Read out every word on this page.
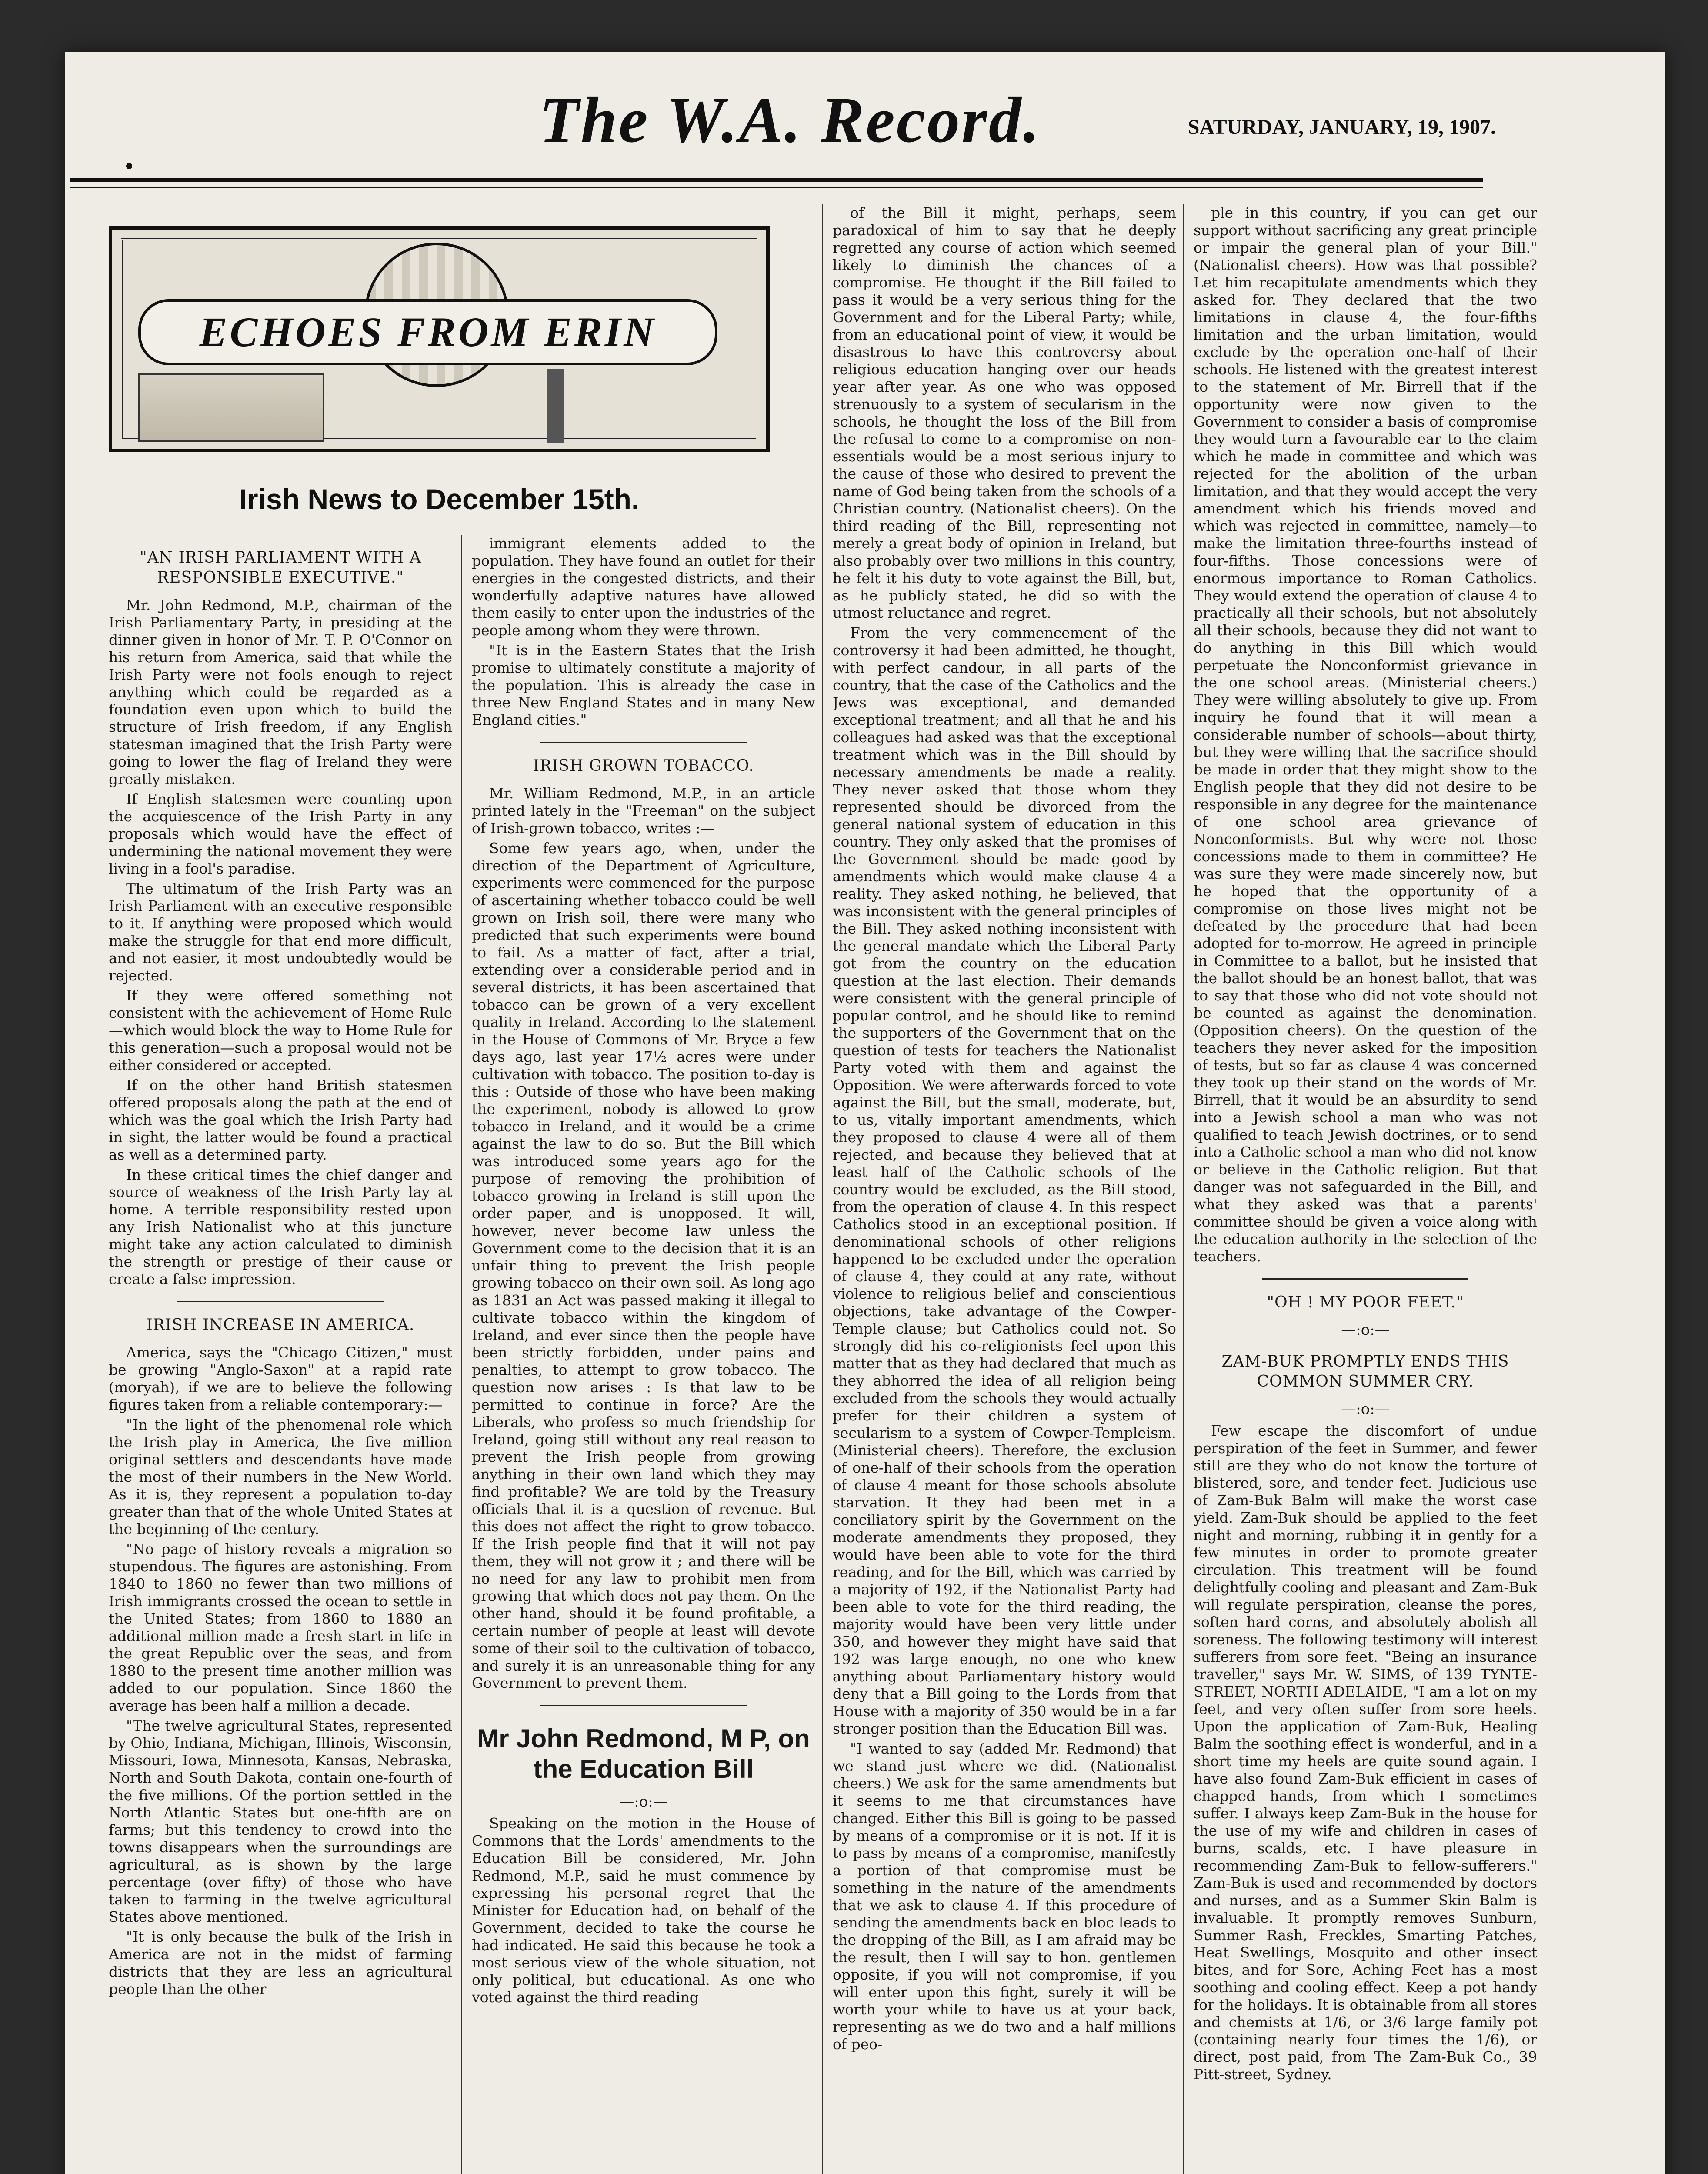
The W.A. Record.	SATURDAY, JANUARY, 19, 1907.
ECHOES FROM ERIN
Irish News to December 15th.
"AN IRISH PARLIAMENT WITH A RESPONSIBLE EXECUTIVE."

Mr. John Redmond, M.P., chairman of the Irish Parliamentary Party, in presiding at the dinner given in honor of Mr. T. P. O'Connor on his return from America, said that while the Irish Party were not fools enough to reject anything which could be regarded as a foundation even upon which to build the structure of Irish freedom, if any English statesman imagined that the Irish Party were going to lower the flag of Ireland they were greatly mistaken.

If English statesmen were counting upon the acquiescence of the Irish Party in any proposals which would have the effect of undermining the national movement they were living in a fool's paradise.

The ultimatum of the Irish Party was an Irish Parliament with an executive responsible to it. If anything were proposed which would make the struggle for that end more difficult, and not easier, it most undoubtedly would be rejected.

If they were offered something not consistent with the achievement of Home Rule—which would block the way to Home Rule for this generation—such a proposal would not be either considered or accepted.

If on the other hand British statesmen offered proposals along the path at the end of which was the goal which the Irish Party had in sight, the latter would be found a practical as well as a determined party.

In these critical times the chief danger and source of weakness of the Irish Party lay at home. A terrible responsibility rested upon any Irish Nationalist who at this juncture might take any action calculated to diminish the strength or prestige of their cause or create a false impression.

IRISH INCREASE IN AMERICA.

America, says the "Chicago Citizen," must be growing "Anglo-Saxon" at a rapid rate (moryah), if we are to believe the following figures taken from a reliable contemporary:—

"In the light of the phenomenal role which the Irish play in America, the five million original settlers and descendants have made the most of their numbers in the New World. As it is, they represent a population to-day greater than that of the whole United States at the beginning of the century.

"No page of history reveals a migration so stupendous. The figures are astonishing. From 1840 to 1860 no fewer than two millions of Irish immigrants crossed the ocean to settle in the United States; from 1860 to 1880 an additional million made a fresh start in life in the great Republic over the seas, and from 1880 to the present time another million was added to our population. Since 1860 the average has been half a million a decade.

"The twelve agricultural States, represented by Ohio, Indiana, Michigan, Illinois, Wisconsin, Missouri, Iowa, Minnesota, Kansas, Nebraska, North and South Dakota, contain one-fourth of the five millions. Of the portion settled in the North Atlantic States but one-fifth are on farms; but this tendency to crowd into the towns disappears when the surroundings are agricultural, as is shown by the large percentage (over fifty) of those who have taken to farming in the twelve agricultural States above mentioned.

"It is only because the bulk of the Irish in America are not in the midst of farming districts that they are less an agricultural people than the other

immigrant elements added to the population. They have found an outlet for their energies in the congested districts, and their wonderfully adaptive natures have allowed them easily to enter upon the industries of the people among whom they were thrown.

"It is in the Eastern States that the Irish promise to ultimately constitute a majority of the population. This is already the case in three New England States and in many New England cities."

IRISH GROWN TOBACCO.

Mr. William Redmond, M.P., in an article printed lately in the "Freeman" on the subject of Irish-grown tobacco, writes :—

Some few years ago, when, under the direction of the Department of Agriculture, experiments were commenced for the purpose of ascertaining whether tobacco could be well grown on Irish soil, there were many who predicted that such experiments were bound to fail. As a matter of fact, after a trial, extending over a considerable period and in several districts, it has been ascertained that tobacco can be grown of a very excellent quality in Ireland. According to the statement in the House of Commons of Mr. Bryce a few days ago, last year 17½ acres were under cultivation with tobacco. The position to-day is this : Outside of those who have been making the experiment, nobody is allowed to grow tobacco in Ireland, and it would be a crime against the law to do so. But the Bill which was introduced some years ago for the purpose of removing the prohibition of tobacco growing in Ireland is still upon the order paper, and is unopposed. It will, however, never become law unless the Government come to the decision that it is an unfair thing to prevent the Irish people growing tobacco on their own soil. As long ago as 1831 an Act was passed making it illegal to cultivate tobacco within the kingdom of Ireland, and ever since then the people have been strictly forbidden, under pains and penalties, to attempt to grow tobacco. The question now arises : Is that law to be permitted to continue in force? Are the Liberals, who profess so much friendship for Ireland, going still without any real reason to prevent the Irish people from growing anything in their own land which they may find profitable? We are told by the Treasury officials that it is a question of revenue. But this does not affect the right to grow tobacco. If the Irish people find that it will not pay them, they will not grow it ; and there will be no need for any law to prohibit men from growing that which does not pay them. On the other hand, should it be found profitable, a certain number of people at least will devote some of their soil to the cultivation of tobacco, and surely it is an unreasonable thing for any Government to prevent them.

Mr John Redmond, M P, on the Education Bill
—:o:—

Speaking on the motion in the House of Commons that the Lords' amendments to the Education Bill be considered, Mr. John Redmond, M.P., said he must commence by expressing his personal regret that the Minister for Education had, on behalf of the Government, decided to take the course he had indicated. He said this because he took a most serious view of the whole situation, not only political, but educational. As one who voted against the third reading

of the Bill it might, perhaps, seem paradoxical of him to say that he deeply regretted any course of action which seemed likely to diminish the chances of a compromise. He thought if the Bill failed to pass it would be a very serious thing for the Government and for the Liberal Party; while, from an educational point of view, it would be disastrous to have this controversy about religious education hanging over our heads year after year. As one who was opposed strenuously to a system of secularism in the schools, he thought the loss of the Bill from the refusal to come to a compromise on non-essentials would be a most serious injury to the cause of those who desired to prevent the name of God being taken from the schools of a Christian country. (Nationalist cheers). On the third reading of the Bill, representing not merely a great body of opinion in Ireland, but also probably over two millions in this country, he felt it his duty to vote against the Bill, but, as he publicly stated, he did so with the utmost reluctance and regret.

From the very commencement of the controversy it had been admitted, he thought, with perfect candour, in all parts of the country, that the case of the Catholics and the Jews was exceptional, and demanded exceptional treatment; and all that he and his colleagues had asked was that the exceptional treatment which was in the Bill should by necessary amendments be made a reality. They never asked that those whom they represented should be divorced from the general national system of education in this country. They only asked that the promises of the Government should be made good by amendments which would make clause 4 a reality. They asked nothing, he believed, that was inconsistent with the general principles of the Bill. They asked nothing inconsistent with the general mandate which the Liberal Party got from the country on the education question at the last election. Their demands were consistent with the general principle of popular control, and he should like to remind the supporters of the Government that on the question of tests for teachers the Nationalist Party voted with them and against the Opposition. We were afterwards forced to vote against the Bill, but the small, moderate, but, to us, vitally important amendments, which they proposed to clause 4 were all of them rejected, and because they believed that at least half of the Catholic schools of the country would be excluded, as the Bill stood, from the operation of clause 4. In this respect Catholics stood in an exceptional position. If denominational schools of other religions happened to be excluded under the operation of clause 4, they could at any rate, without violence to religious belief and conscientious objections, take advantage of the Cowper-Temple clause; but Catholics could not. So strongly did his co-religionists feel upon this matter that as they had declared that much as they abhorred the idea of all religion being excluded from the schools they would actually prefer for their children a system of secularism to a system of Cowper-Templeism. (Ministerial cheers). Therefore, the exclusion of one-half of their schools from the operation of clause 4 meant for those schools absolute starvation. It they had been met in a conciliatory spirit by the Government on the moderate amendments they proposed, they would have been able to vote for the third reading, and for the Bill, which was carried by a majority of 192, if the Nationalist Party had been able to vote for the third reading, the majority would have been very little under 350, and however they might have said that 192 was large enough, no one who knew anything about Parliamentary history would deny that a Bill going to the Lords from that House with a majority of 350 would be in a far stronger position than the Education Bill was.

"I wanted to say (added Mr. Redmond) that we stand just where we did. (Nationalist cheers.) We ask for the same amendments but it seems to me that circumstances have changed. Either this Bill is going to be passed by means of a compromise or it is not. If it is to pass by means of a compromise, manifestly a portion of that compromise must be something in the nature of the amendments that we ask to clause 4. If this procedure of sending the amendments back en bloc leads to the dropping of the Bill, as I am afraid may be the result, then I will say to hon. gentlemen opposite, if you will not compromise, if you will enter upon this fight, surely it will be worth your while to have us at your back, representing as we do two and a half millions of peo-

ple in this country, if you can get our support without sacrificing any great principle or impair the general plan of your Bill." (Nationalist cheers). How was that possible? Let him recapitulate amendments which they asked for. They declared that the two limitations in clause 4, the four-fifths limitation and the urban limitation, would exclude by the operation one-half of their schools. He listened with the greatest interest to the statement of Mr. Birrell that if the opportunity were now given to the Government to consider a basis of compromise they would turn a favourable ear to the claim which he made in committee and which was rejected for the abolition of the urban limitation, and that they would accept the very amendment which his friends moved and which was rejected in committee, namely—to make the limitation three-fourths instead of four-fifths. Those concessions were of enormous importance to Roman Catholics. They would extend the operation of clause 4 to practically all their schools, but not absolutely all their schools, because they did not want to do anything in this Bill which would perpetuate the Nonconformist grievance in the one school areas. (Ministerial cheers.) They were willing absolutely to give up. From inquiry he found that it will mean a considerable number of schools—about thirty, but they were willing that the sacrifice should be made in order that they might show to the English people that they did not desire to be responsible in any degree for the maintenance of one school area grievance of Nonconformists. But why were not those concessions made to them in committee? He was sure they were made sincerely now, but he hoped that the opportunity of a compromise on those lives might not be defeated by the procedure that had been adopted for to-morrow. He agreed in principle in Committee to a ballot, but he insisted that the ballot should be an honest ballot, that was to say that those who did not vote should not be counted as against the denomination. (Opposition cheers). On the question of the teachers they never asked for the imposition of tests, but so far as clause 4 was concerned they took up their stand on the words of Mr. Birrell, that it would be an absurdity to send into a Jewish school a man who was not qualified to teach Jewish doctrines, or to send into a Catholic school a man who did not know or believe in the Catholic religion. But that danger was not safeguarded in the Bill, and what they asked was that a parents' committee should be given a voice along with the education authority in the selection of the teachers.

"OH ! MY POOR FEET."
—:o:—
ZAM-BUK PROMPTLY ENDS THIS COMMON SUMMER CRY.
—:o:—

Few escape the discomfort of undue perspiration of the feet in Summer, and fewer still are they who do not know the torture of blistered, sore, and tender feet. Judicious use of Zam-Buk Balm will make the worst case yield. Zam-Buk should be applied to the feet night and morning, rubbing it in gently for a few minutes in order to promote greater circulation. This treatment will be found delightfully cooling and pleasant and Zam-Buk will regulate perspiration, cleanse the pores, soften hard corns, and absolutely abolish all soreness. The following testimony will interest sufferers from sore feet. "Being an insurance traveller," says Mr. W. SIMS, of 139 TYNTE-STREET, NORTH ADELAIDE, "I am a lot on my feet, and very often suffer from sore heels. Upon the application of Zam-Buk, Healing Balm the soothing effect is wonderful, and in a short time my heels are quite sound again. I have also found Zam-Buk efficient in cases of chapped hands, from which I sometimes suffer. I always keep Zam-Buk in the house for the use of my wife and children in cases of burns, scalds, etc. I have pleasure in recommending Zam-Buk to fellow-sufferers." Zam-Buk is used and recommended by doctors and nurses, and as a Summer Skin Balm is invaluable. It promptly removes Sunburn, Summer Rash, Freckles, Smarting Patches, Heat Swellings, Mosquito and other insect bites, and for Sore, Aching Feet has a most soothing and cooling effect. Keep a pot handy for the holidays. It is obtainable from all stores and chemists at 1/6, or 3/6 large family pot (containing nearly four times the 1/6), or direct, post paid, from The Zam-Buk Co., 39 Pitt-street, Sydney.
